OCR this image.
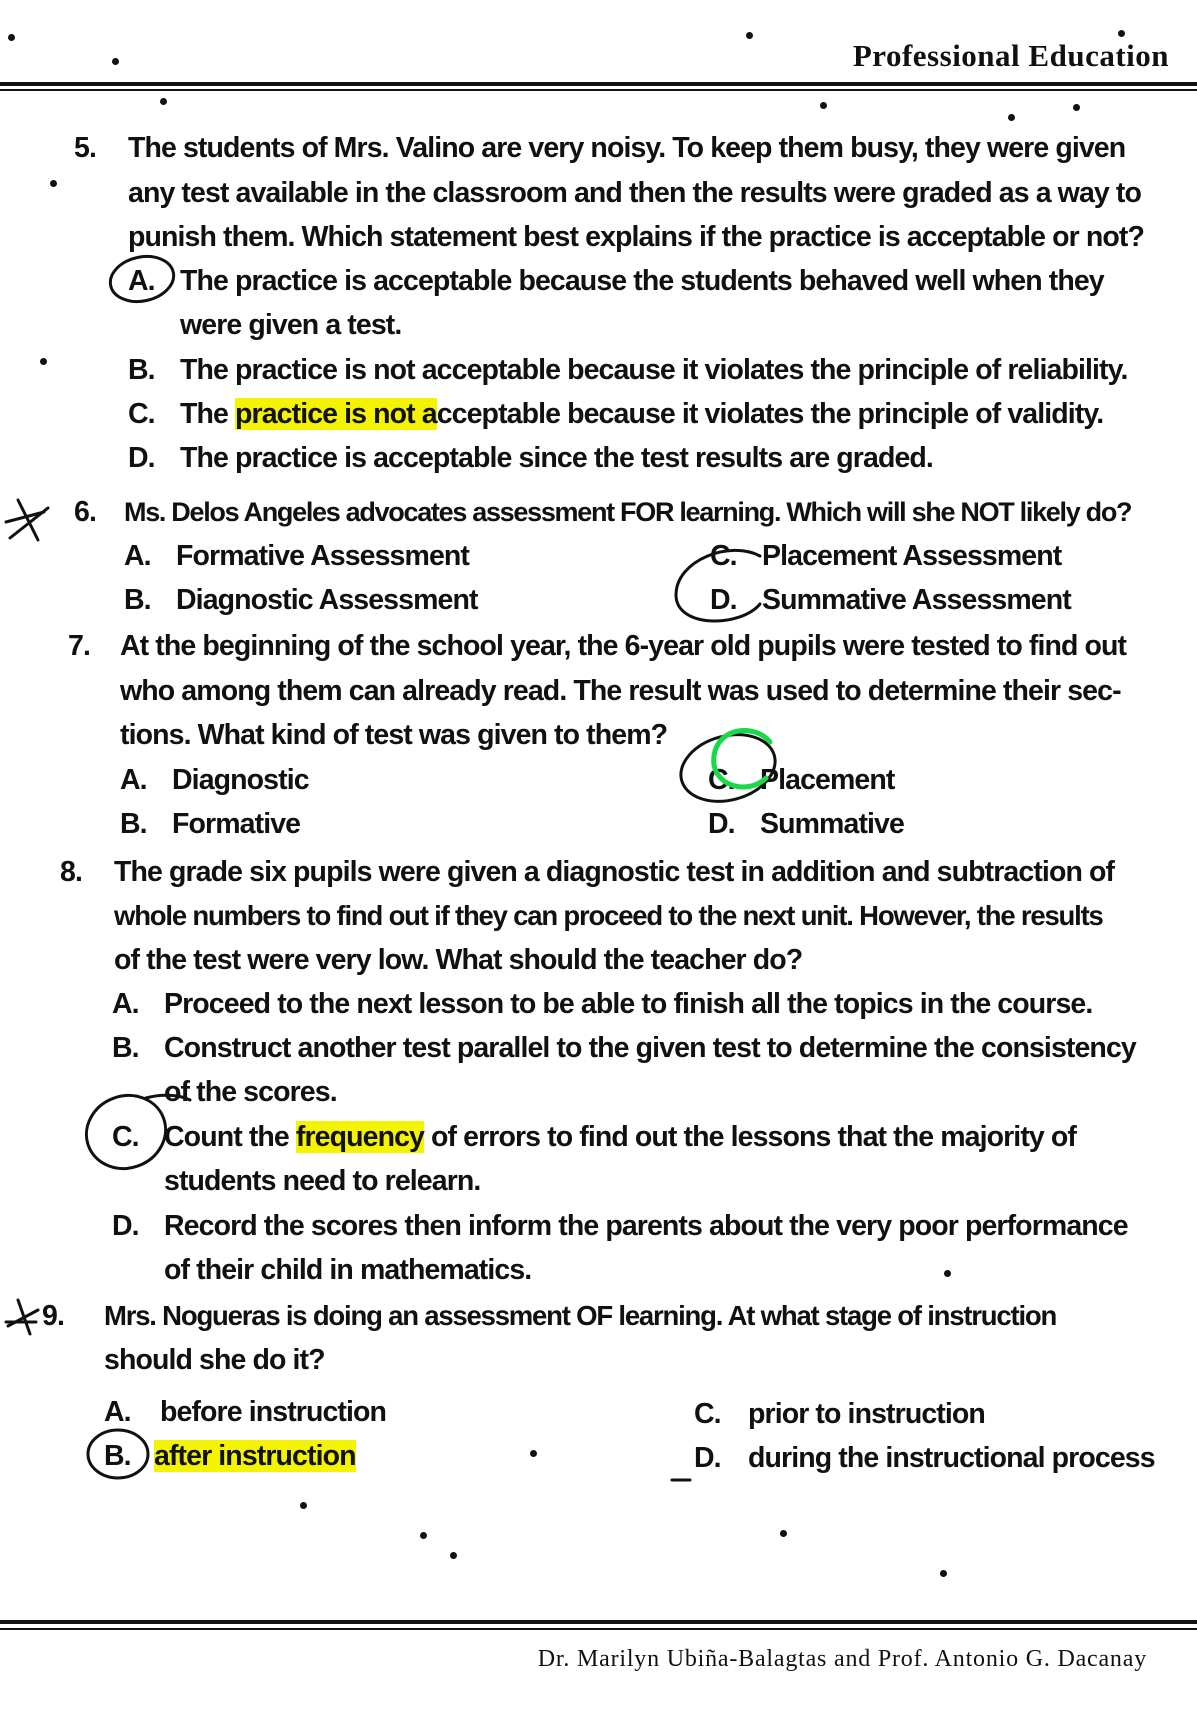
Professional Education
5. The students of Mrs. Valino are very noisy. To keep them busy, they were given
any test available in the classroom and then the results were graded as a way to
punish them. Which statement best explains if the practice is acceptable or not?
A. The practice is acceptable because the students behaved well when they
were given a test.
B. The practice is not acceptable because it violates the principle of reliability.
C. The practice is not acceptable because it violates the principle of validity.
D. The practice is acceptable since the test results are graded.
6. Ms. Delos Angeles advocates assessment FOR learning. Which will she NOT likely do?
A. Formative Assessment
B. Diagnostic Assessment
C. Placement Assessment
D. Summative Assessment
7. At the beginning of the school year, the 6-year old pupils were tested to find out
who among them can already read. The result was used to determine their sec-
tions. What kind of test was given to them?
A. Diagnostic
B. Formative
C. Placement
D. Summative
8. The grade six pupils were given a diagnostic test in addition and subtraction of
whole numbers to find out if they can proceed to the next unit. However, the results
of the test were very low. What should the teacher do?
A. Proceed to the next lesson to be able to finish all the topics in the course.
B. Construct another test parallel to the given test to determine the consistency
of the scores.
C. Count the frequency of errors to find out the lessons that the majority of
students need to relearn.
D. Record the scores then inform the parents about the very poor performance
of their child in mathematics.
9. Mrs. Nogueras is doing an assessment OF learning. At what stage of instruction
should she do it?
A. before instruction
B. after instruction
C. prior to instruction
D. during the instructional process
Dr. Marilyn Ubiña-Balagtas and Prof. Antonio G. Dacanay
